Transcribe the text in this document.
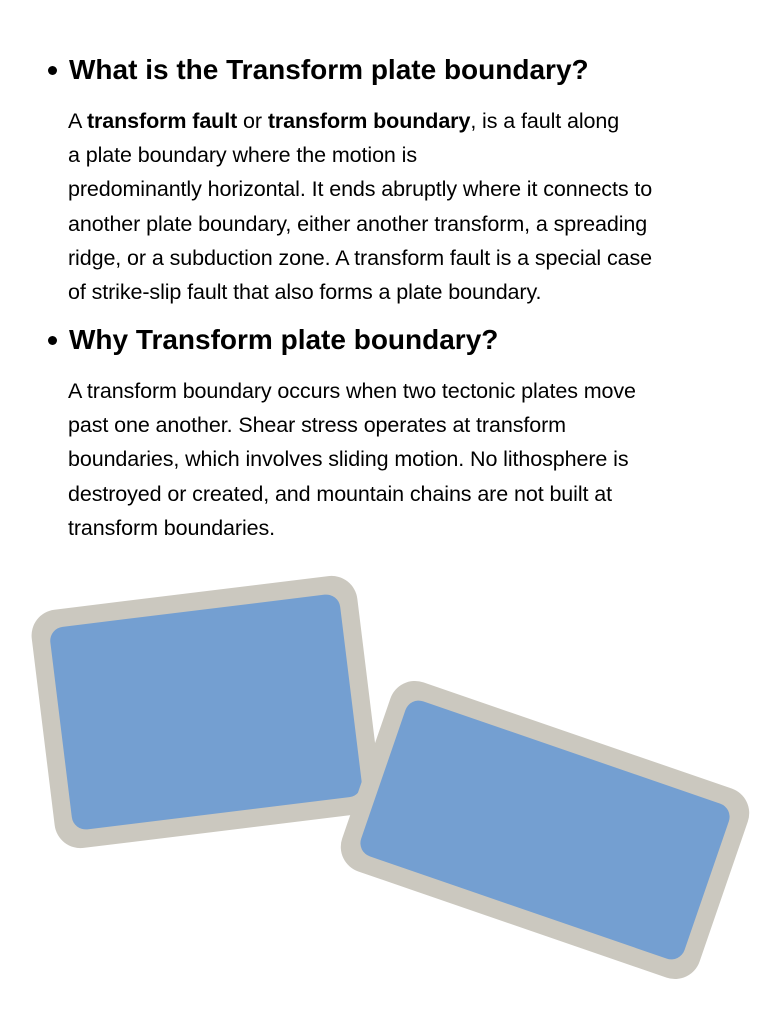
What is the Transform plate boundary?

A transform fault or transform boundary, is a fault along
a plate boundary where the motion is
predominantly horizontal. It ends abruptly where it connects to
another plate boundary, either another transform, a spreading
ridge, or a subduction zone. A transform fault is a special case
of strike-slip fault that also forms a plate boundary.

Why Transform plate boundary?

A transform boundary occurs when two tectonic plates move
past one another. Shear stress operates at transform
boundaries, which involves sliding motion. No lithosphere is
destroyed or created, and mountain chains are not built at
transform boundaries.
